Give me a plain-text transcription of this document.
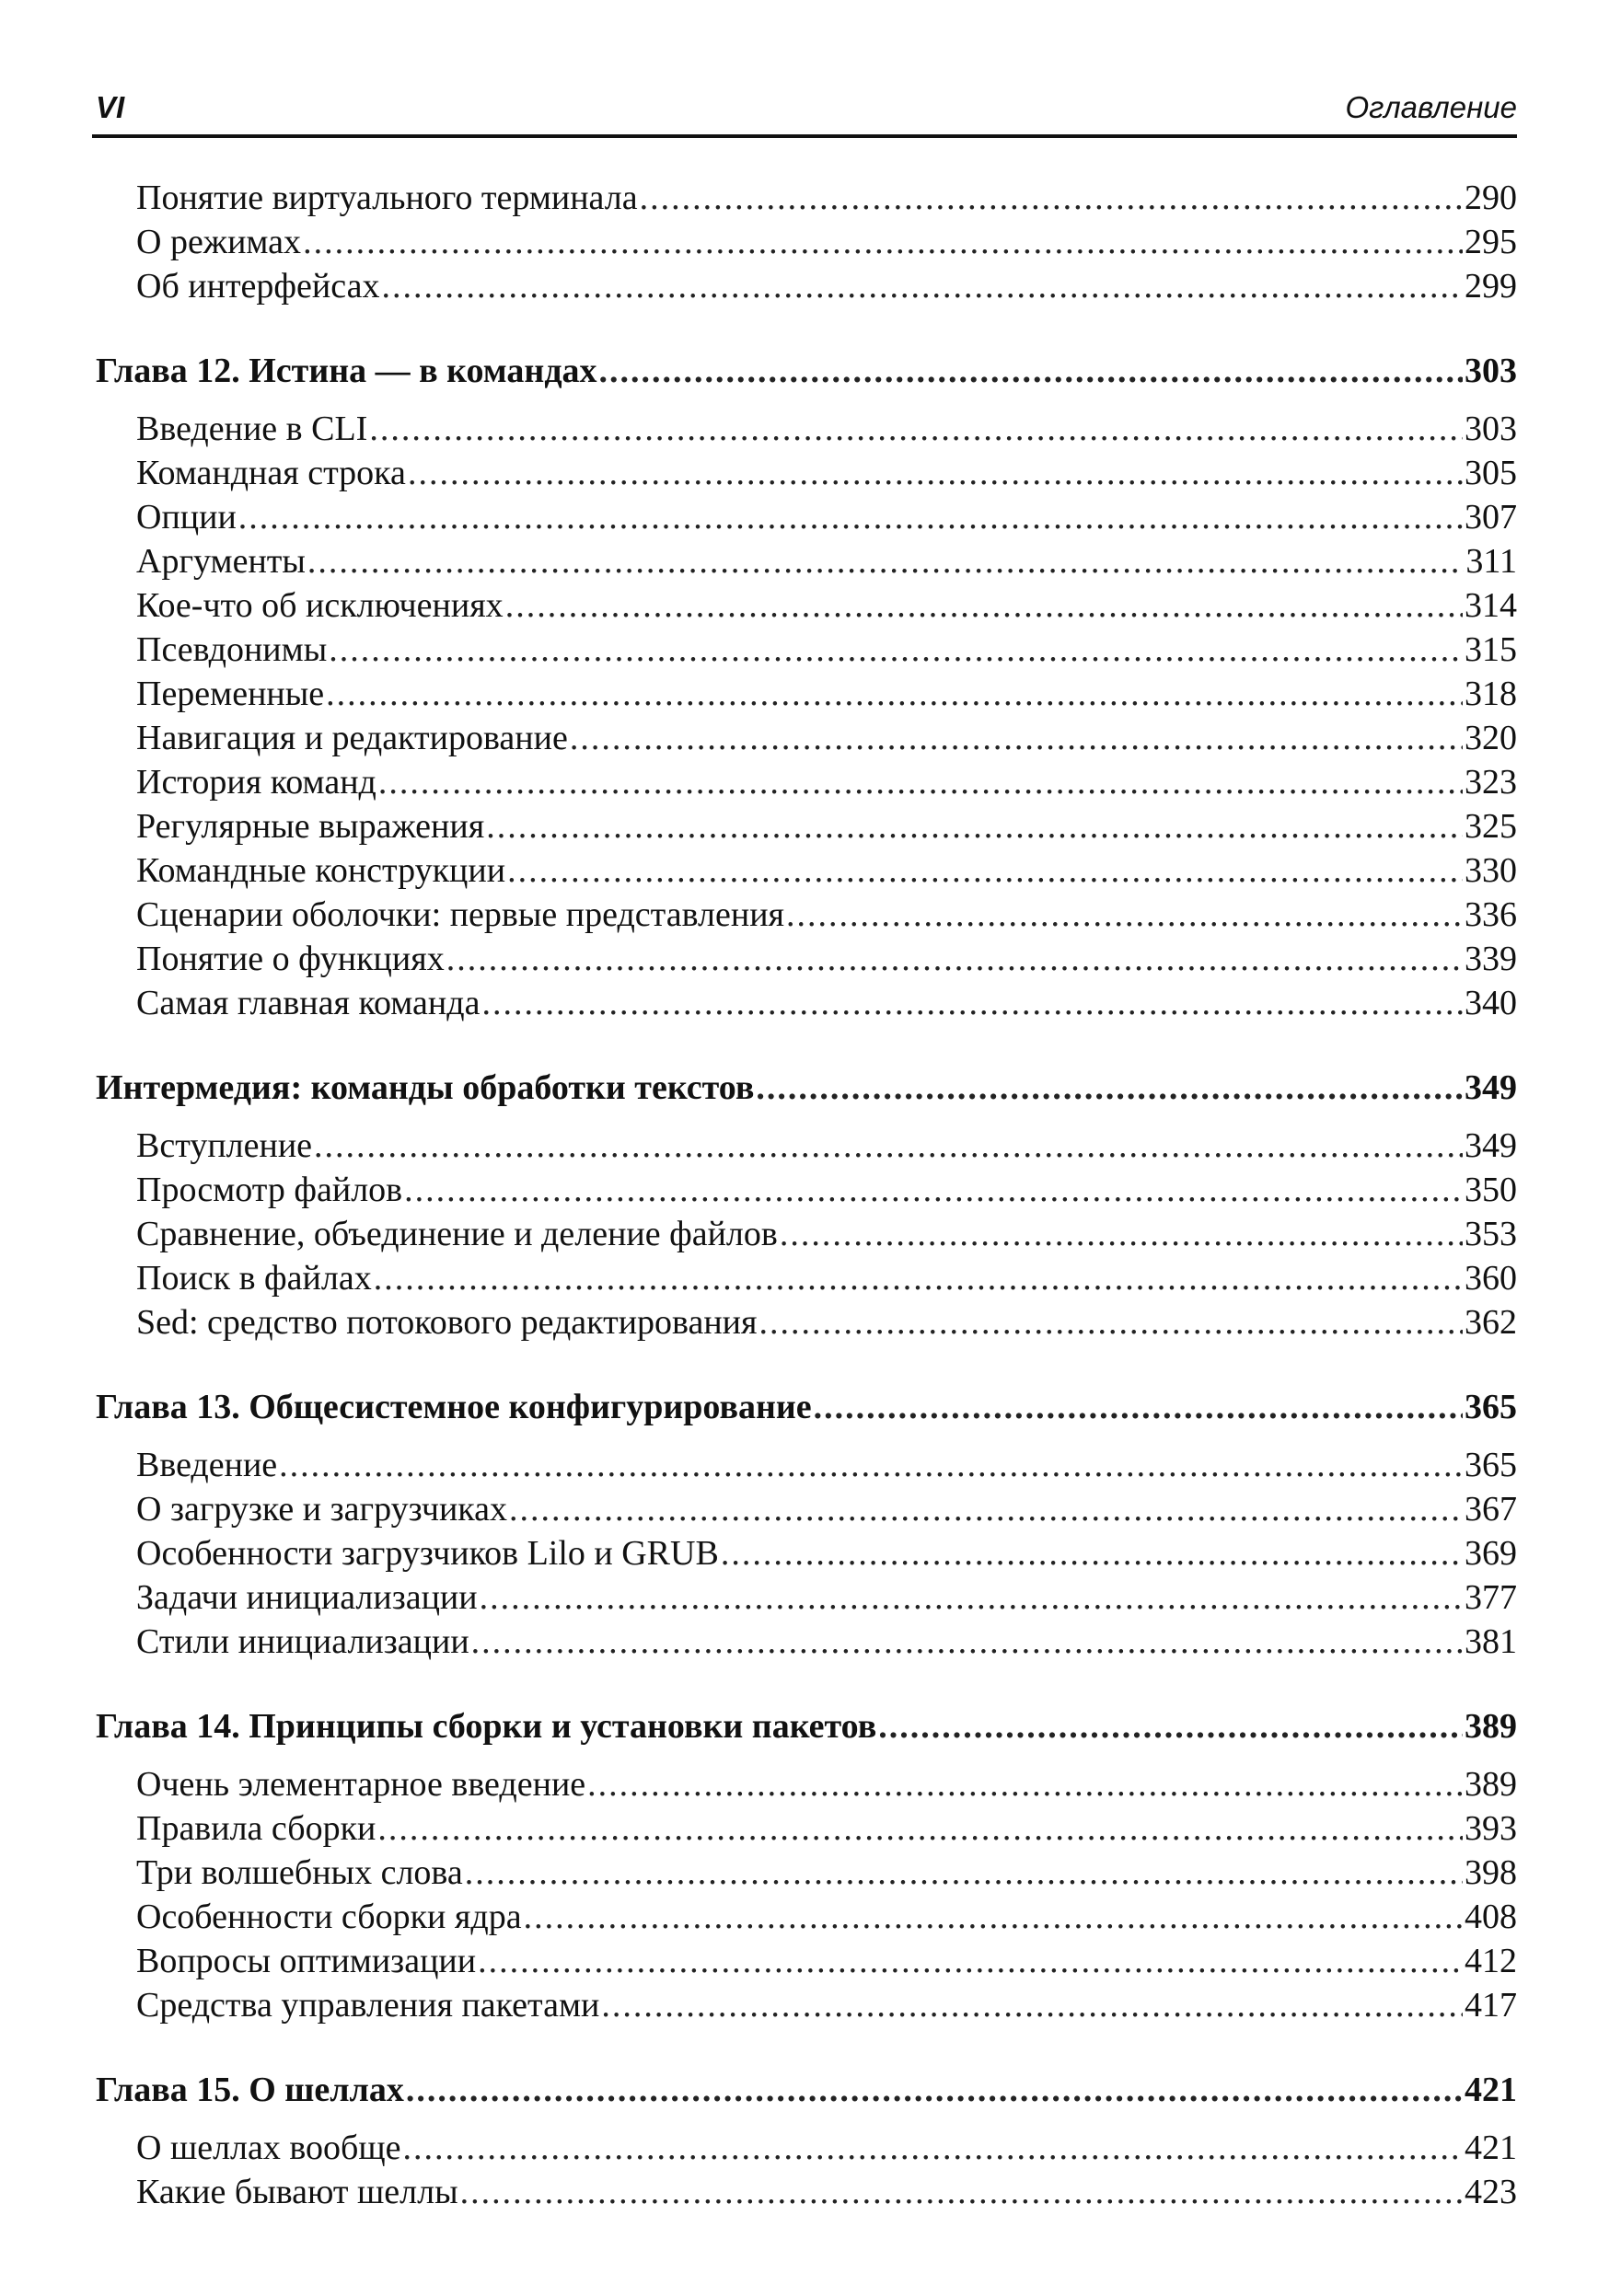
VI	Оглавление
Понятие виртуального терминала .....	290
О режимах .....	295
Об интерфейсах .....	299
Глава 12. Истина — в командах .....	303
Введение в CLI .....	303
Командная строка .....	305
Опции .....	307
Аргументы .....	311
Кое-что об исключениях .....	314
Псевдонимы .....	315
Переменные .....	318
Навигация и редактирование .....	320
История команд .....	323
Регулярные выражения .....	325
Командные конструкции .....	330
Сценарии оболочки: первые представления .....	336
Понятие о функциях .....	339
Самая главная команда .....	340
Интермедия: команды обработки текстов .....	349
Вступление .....	349
Просмотр файлов .....	350
Сравнение, объединение и деление файлов .....	353
Поиск в файлах .....	360
Sed: средство потокового редактирования .....	362
Глава 13. Общесистемное конфигурирование .....	365
Введение .....	365
О загрузке и загрузчиках .....	367
Особенности загрузчиков Lilo и GRUB .....	369
Задачи инициализации .....	377
Стили инициализации .....	381
Глава 14. Принципы сборки и установки пакетов .....	389
Очень элементарное введение .....	389
Правила сборки .....	393
Три волшебных слова .....	398
Особенности сборки ядра .....	408
Вопросы оптимизации .....	412
Средства управления пакетами .....	417
Глава 15. О шеллах .....	421
О шеллах вообще .....	421
Какие бывают шеллы .....	423
